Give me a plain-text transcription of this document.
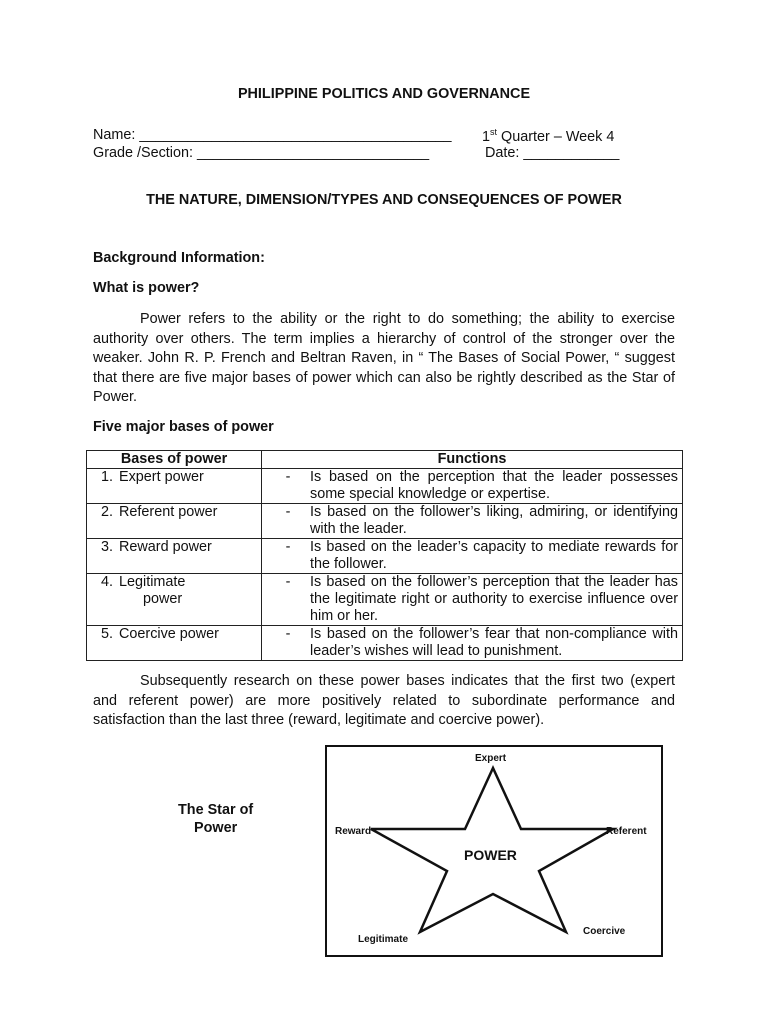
PHILIPPINE POLITICS AND GOVERNANCE
Name: _______________________________________ 1st Quarter – Week 4
Grade /Section: _____________________________	Date: ____________
THE NATURE, DIMENSION/TYPES AND CONSEQUENCES OF POWER
Background Information:
What is power?
Power refers to the ability or the right to do something; the ability to exercise authority over others. The term implies a hierarchy of control of the stronger over the weaker. John R. P. French and Beltran Raven, in “ The Bases of Social Power, “ suggest that there are five major bases of power which can also be rightly described as the Star of Power.
Five major bases of power
Bases of power	Functions
1. Expert power	- Is based on the perception that the leader possesses some special knowledge or expertise.

2. Referent power	- Is based on the follower’s liking, admiring, or identifying with the leader.

3. Reward power	- Is based on the leader’s capacity to mediate rewards for the follower.

4. Legitimate
power	- Is based on the follower’s perception that the leader has the legitimate right or authority to exercise influence over him or her.

5. Coercive power	- Is based on the follower’s fear that non-compliance with leader’s wishes will lead to punishment.
Subsequently research on these power bases indicates that the first two (expert and referent power) are more positively related to subordinate performance and satisfaction than the last three (reward, legitimate and coercive power).
The Star of
Power
Expert
Reward	Referent
POWER
Coercive
Legitimate
